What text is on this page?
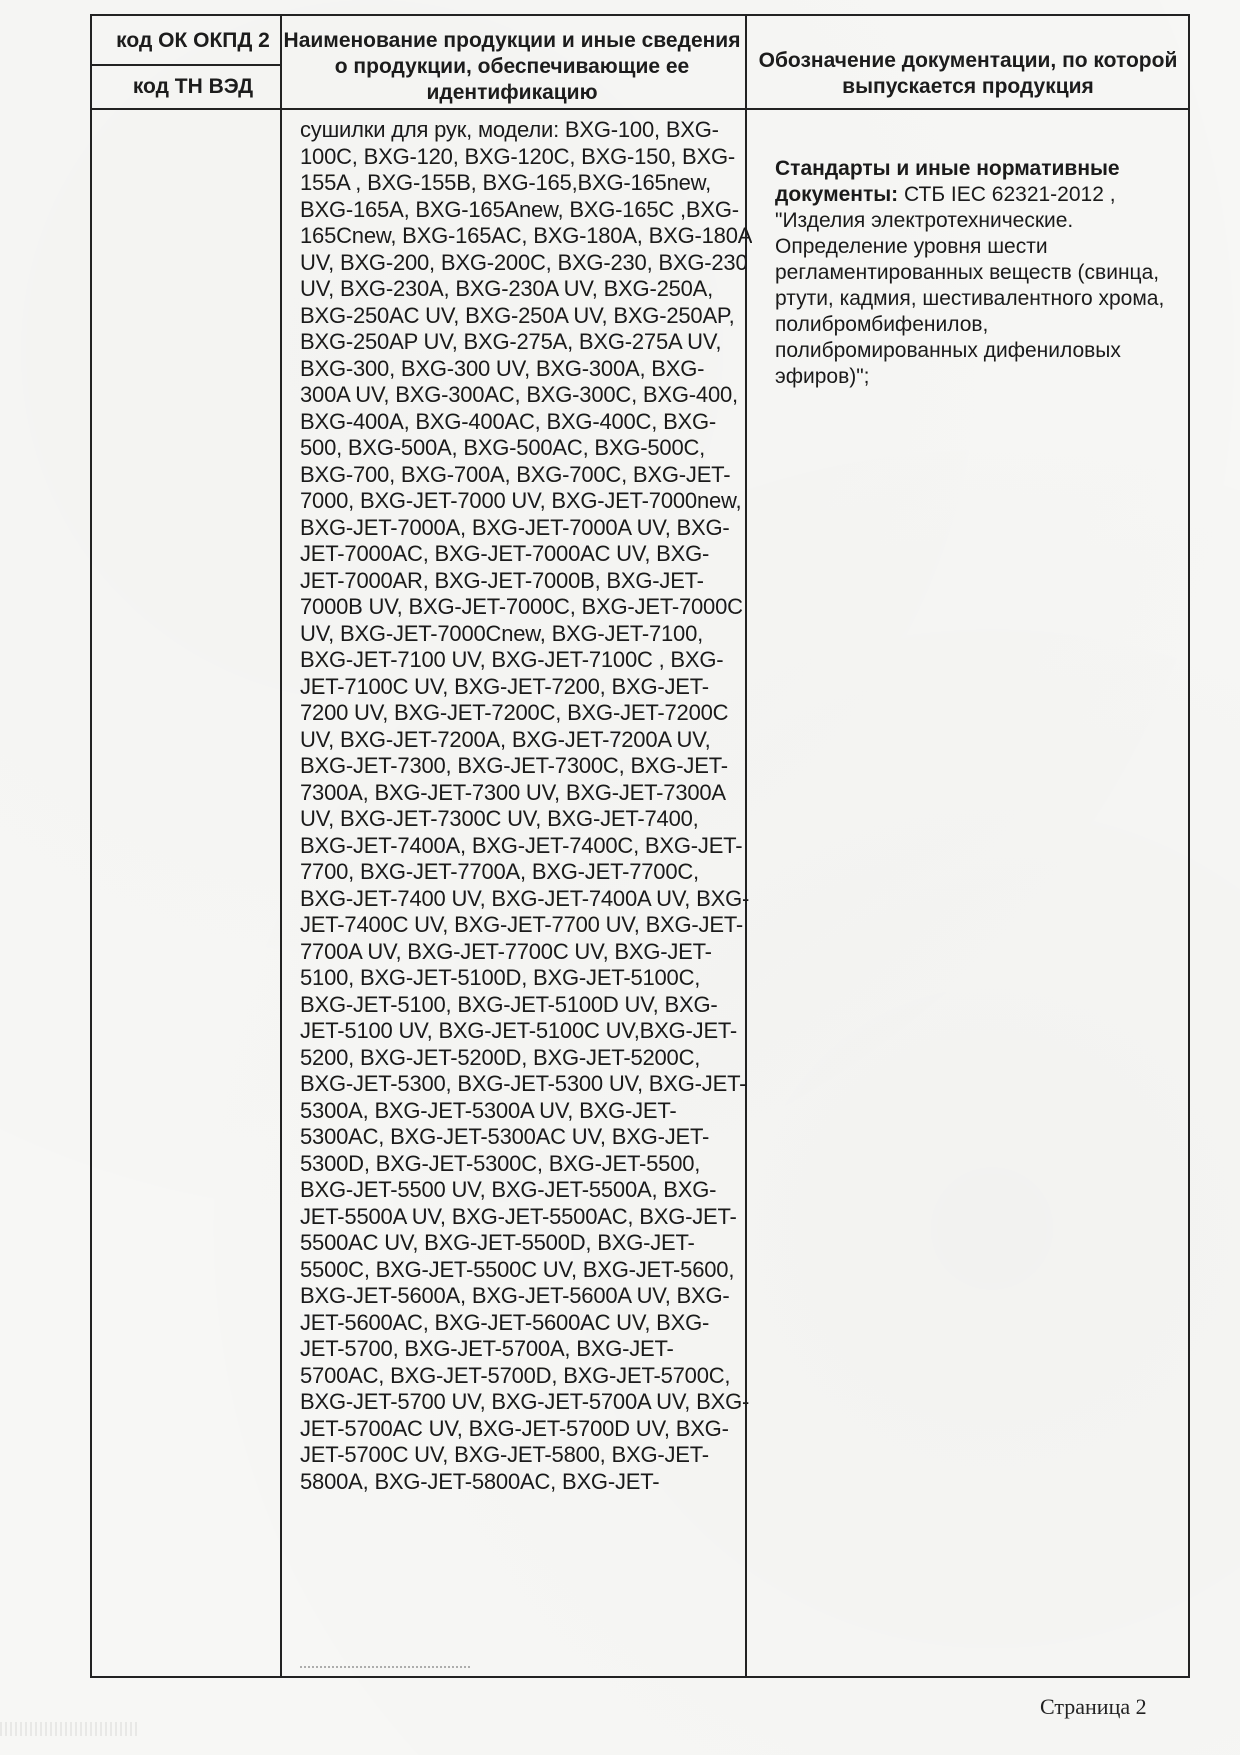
код ОК ОКПД 2
код ТН ВЭД
Наименование продукции и иные сведения о продукции, обеспечивающие ее идентификацию
Обозначение документации, по которой выпускается продукция
сушилки для рук, модели: BXG-100, BXG-100C, BXG-120, BXG-120C, BXG-150, BXG-155A , BXG-155B, BXG-165,BXG-165new, BXG-165A, BXG-165Anew, BXG-165C ,BXG-165Cnew, BXG-165AC, BXG-180A, BXG-180A UV, BXG-200, BXG-200C, BXG-230, BXG-230 UV, BXG-230A, BXG-230A UV, BXG-250A, BXG-250AC UV, BXG-250A UV, BXG-250AP, BXG-250AP UV, BXG-275A, BXG-275A UV, BXG-300, BXG-300 UV, BXG-300A, BXG-300A UV, BXG-300AC, BXG-300C, BXG-400, BXG-400A, BXG-400AC, BXG-400C, BXG-500, BXG-500A, BXG-500AC, BXG-500C, BXG-700, BXG-700A, BXG-700C, BXG-JET-7000, BXG-JET-7000 UV, BXG-JET-7000new, BXG-JET-7000A, BXG-JET-7000A UV, BXG-JET-7000AC, BXG-JET-7000AC UV, BXG-JET-7000AR, BXG-JET-7000B, BXG-JET-7000B UV, BXG-JET-7000C, BXG-JET-7000C UV, BXG-JET-7000Cnew, BXG-JET-7100, BXG-JET-7100 UV, BXG-JET-7100C , BXG-JET-7100C UV, BXG-JET-7200, BXG-JET-7200 UV, BXG-JET-7200C, BXG-JET-7200C UV, BXG-JET-7200A, BXG-JET-7200A UV, BXG-JET-7300, BXG-JET-7300C, BXG-JET-7300A, BXG-JET-7300 UV, BXG-JET-7300A UV, BXG-JET-7300C UV, BXG-JET-7400, BXG-JET-7400A, BXG-JET-7400C, BXG-JET-7700, BXG-JET-7700A, BXG-JET-7700C, BXG-JET-7400 UV, BXG-JET-7400A UV, BXG-JET-7400C UV, BXG-JET-7700 UV, BXG-JET-7700A UV, BXG-JET-7700C UV, BXG-JET-5100, BXG-JET-5100D, BXG-JET-5100C, BXG-JET-5100, BXG-JET-5100D UV, BXG-JET-5100 UV, BXG-JET-5100C UV,BXG-JET-5200, BXG-JET-5200D, BXG-JET-5200C, BXG-JET-5300, BXG-JET-5300 UV, BXG-JET-5300A, BXG-JET-5300A UV, BXG-JET-5300AC, BXG-JET-5300AC UV, BXG-JET-5300D, BXG-JET-5300C, BXG-JET-5500, BXG-JET-5500 UV, BXG-JET-5500A, BXG-JET-5500A UV, BXG-JET-5500AC, BXG-JET-5500AC UV, BXG-JET-5500D, BXG-JET-5500C, BXG-JET-5500C UV, BXG-JET-5600, BXG-JET-5600A, BXG-JET-5600A UV, BXG-JET-5600AC, BXG-JET-5600AC UV, BXG-JET-5700, BXG-JET-5700A, BXG-JET-5700AC, BXG-JET-5700D, BXG-JET-5700C, BXG-JET-5700 UV, BXG-JET-5700A UV, BXG-JET-5700AC UV, BXG-JET-5700D UV, BXG-JET-5700C UV, BXG-JET-5800, BXG-JET-5800A, BXG-JET-5800AC, BXG-JET-
Стандарты и иные нормативные документы: СТБ IEC 62321-2012 , "Изделия электротехнические. Определение уровня шести регламентированных веществ (свинца, ртути, кадмия, шестивалентного хрома, полибромбифенилов, полибромированных дифениловых эфиров)";
Страница 2
